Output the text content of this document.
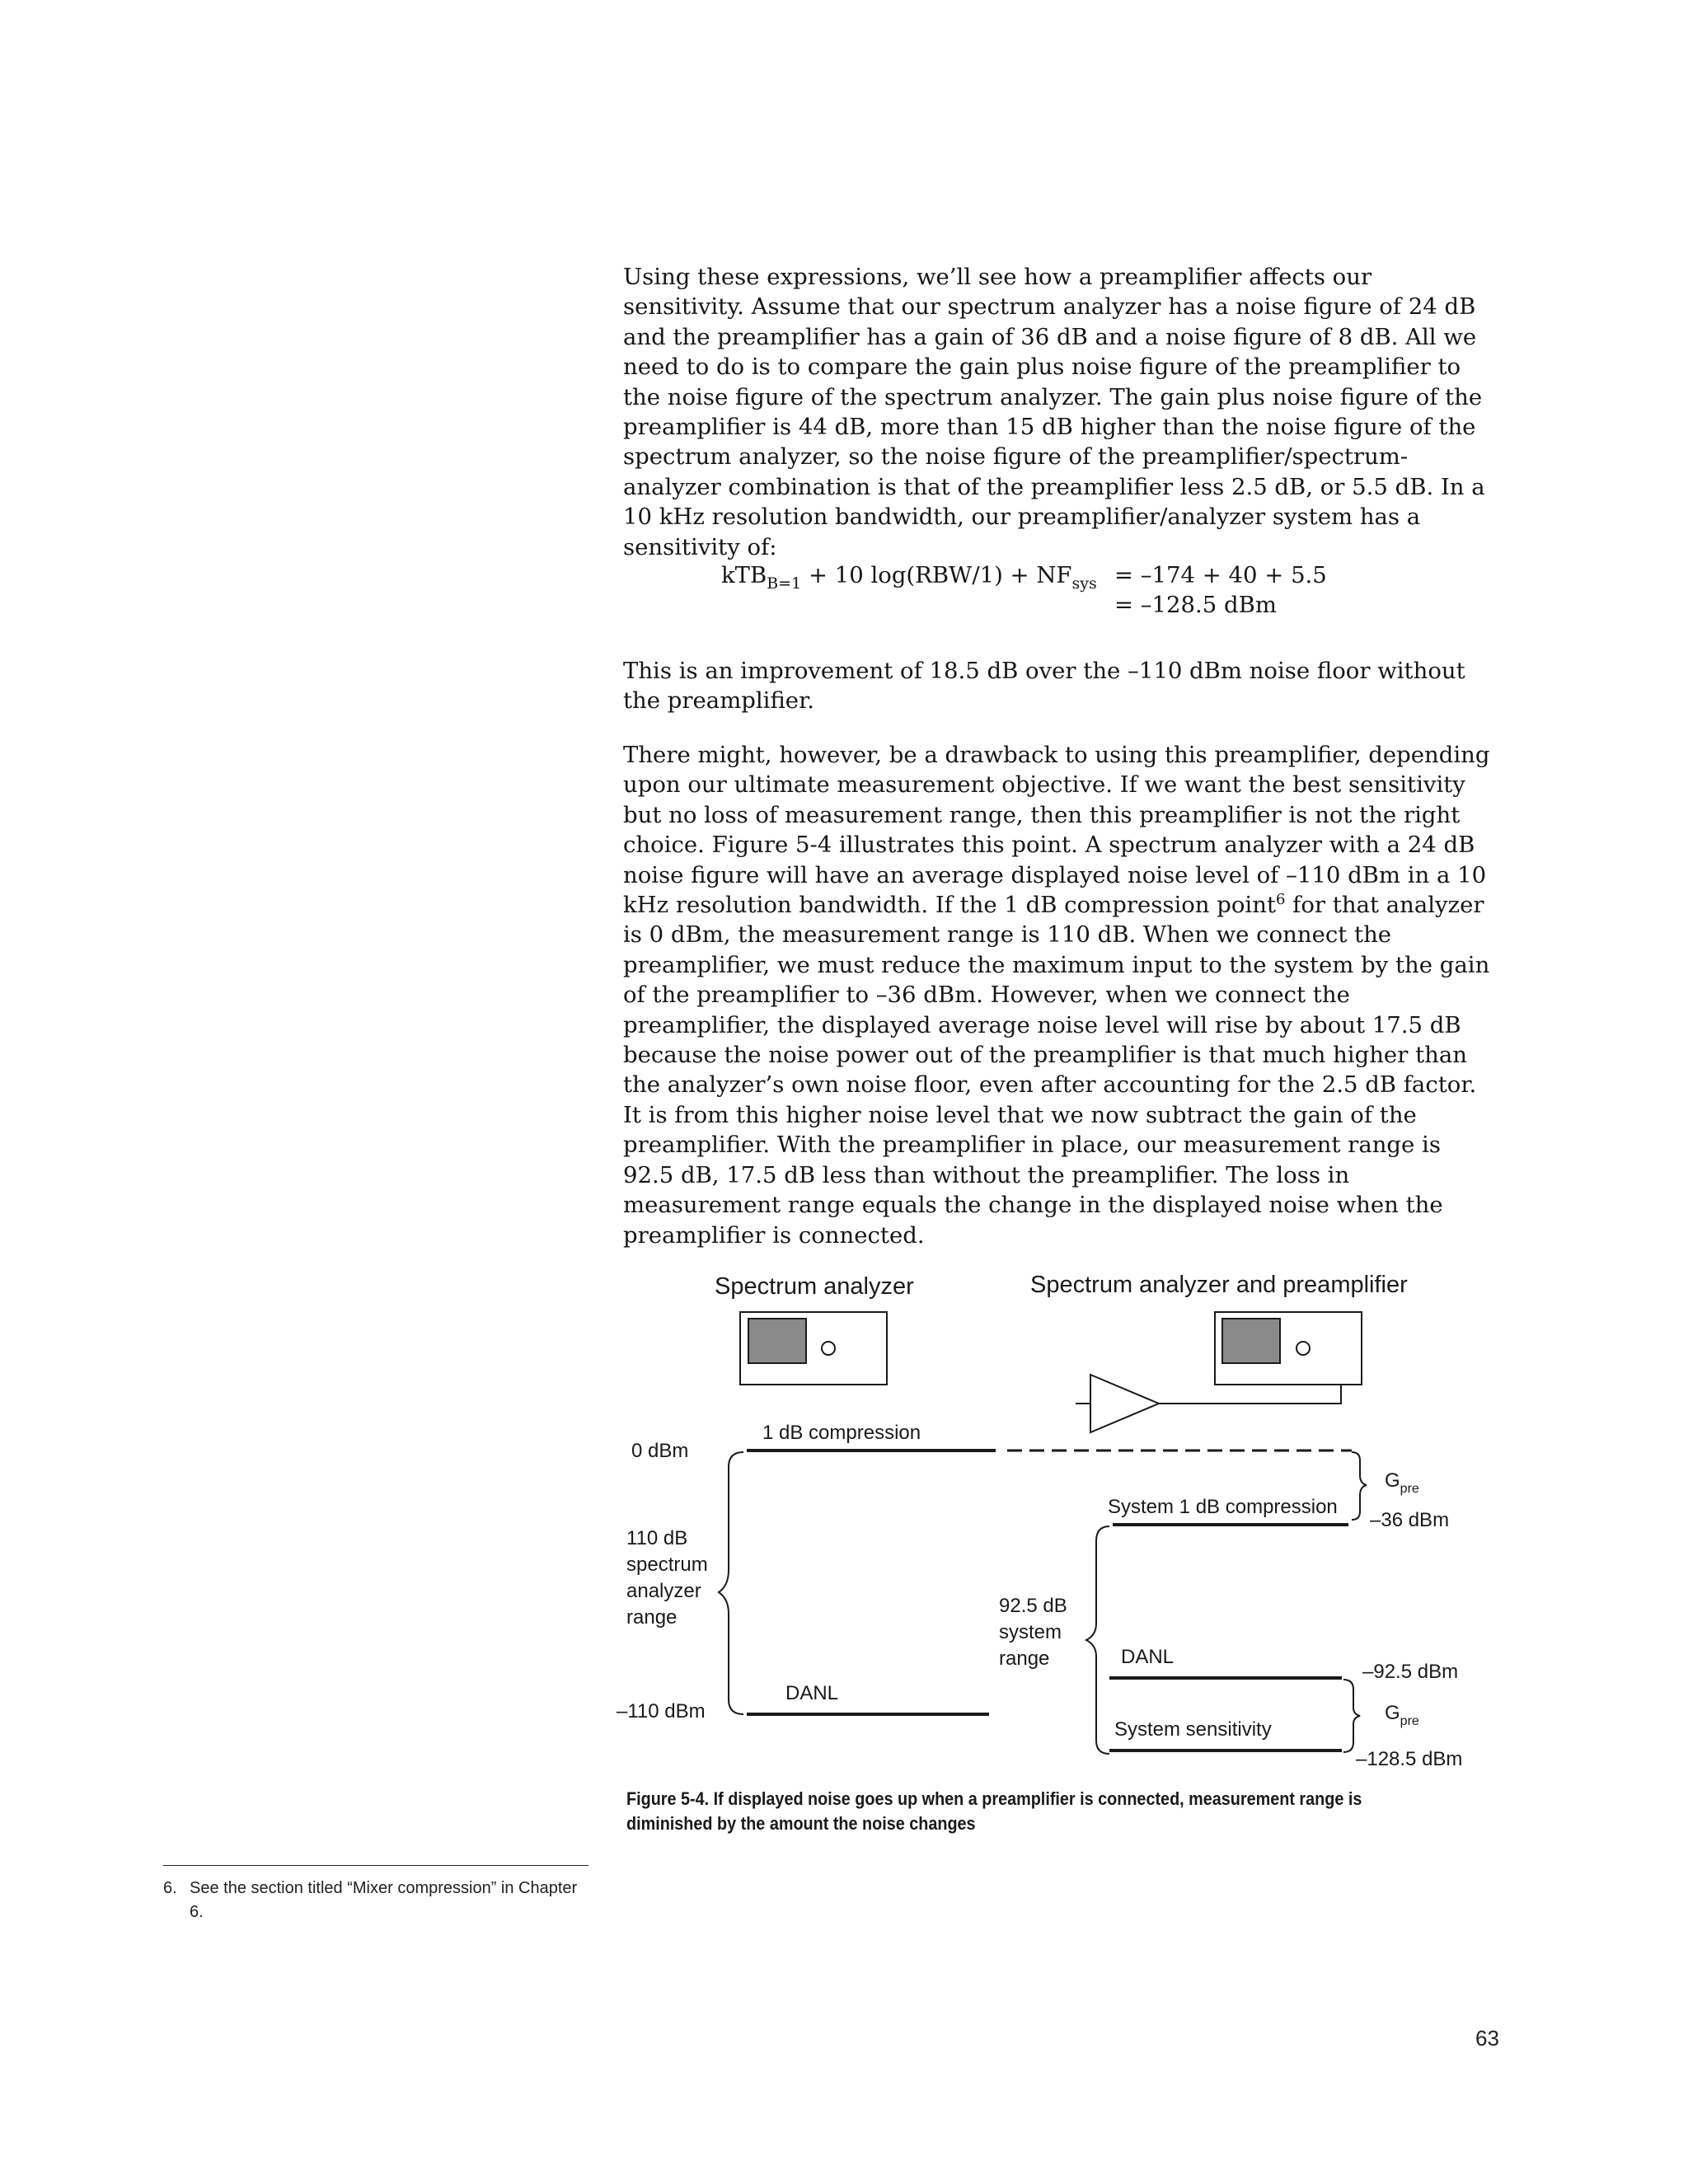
Using these expressions, we’ll see how a preamplifier affects our sensitivity. Assume that our spectrum analyzer has a noise figure of 24 dB and the preamplifier has a gain of 36 dB and a noise figure of 8 dB. All we need to do is to compare the gain plus noise figure of the preamplifier to the noise figure of the spectrum analyzer. The gain plus noise figure of the preamplifier is 44 dB, more than 15 dB higher than the noise figure of the spectrum analyzer, so the noise figure of the preamplifier/spectrum-analyzer combination is that of the preamplifier less 2.5 dB, or 5.5 dB. In a 10 kHz resolution bandwidth, our preamplifier/analyzer system has a sensitivity of:

kTB$_{B=1}$ + 10 $\log(RBW/1) + NF_{sys} = -174 + 40 + 5.5$
= –128.5 dBm

This is an improvement of 18.5 dB over the –110 dBm noise floor without the preamplifier.

There might, however, be a drawback to using this preamplifier, depending upon our ultimate measurement objective. If we want the best sensitivity but no loss of measurement range, then this preamplifier is not the right choice. Figure 5-4 illustrates this point. A spectrum analyzer with a 24 dB noise figure will have an average displayed noise level of –110 dBm in a 10 kHz resolution bandwidth. If the 1 dB compression point$^6$ for that analyzer is 0 dBm, the measurement range is 110 dB. When we connect the preamplifier, we must reduce the maximum input to the system by the gain of the preamplifier to –36 dBm. However, when we connect the preamplifier, the displayed average noise level will rise by about 17.5 dB because the noise power out of the preamplifier is that much higher than the analyzer’s own noise floor, even after accounting for the 2.5 dB factor. It is from this higher noise level that we now subtract the gain of the preamplifier. With the preamplifier in place, our measurement range is 92.5 dB, 17.5 dB less than without the preamplifier. The loss in measurement range equals the change in the displayed noise when the preamplifier is connected.

Spectrum analyzer	Spectrum analyzer and preamplifier
1 dB compression
0 dBm
110 dB
spectrum
analyzer
range
DANL
–110 dBm
$G_{pre}$
System 1 dB compression
–36 dBm
92.5 dB
system
range	DANL
–92.5 dBm
$G_{pre}$
System sensitivity
–128.5 dBm
Figure 5-4. If displayed noise goes up when a preamplifier is connected, measurement range is diminished by the amount the noise changes
6. See the section titled “Mixer compression” in Chapter 6.
63
